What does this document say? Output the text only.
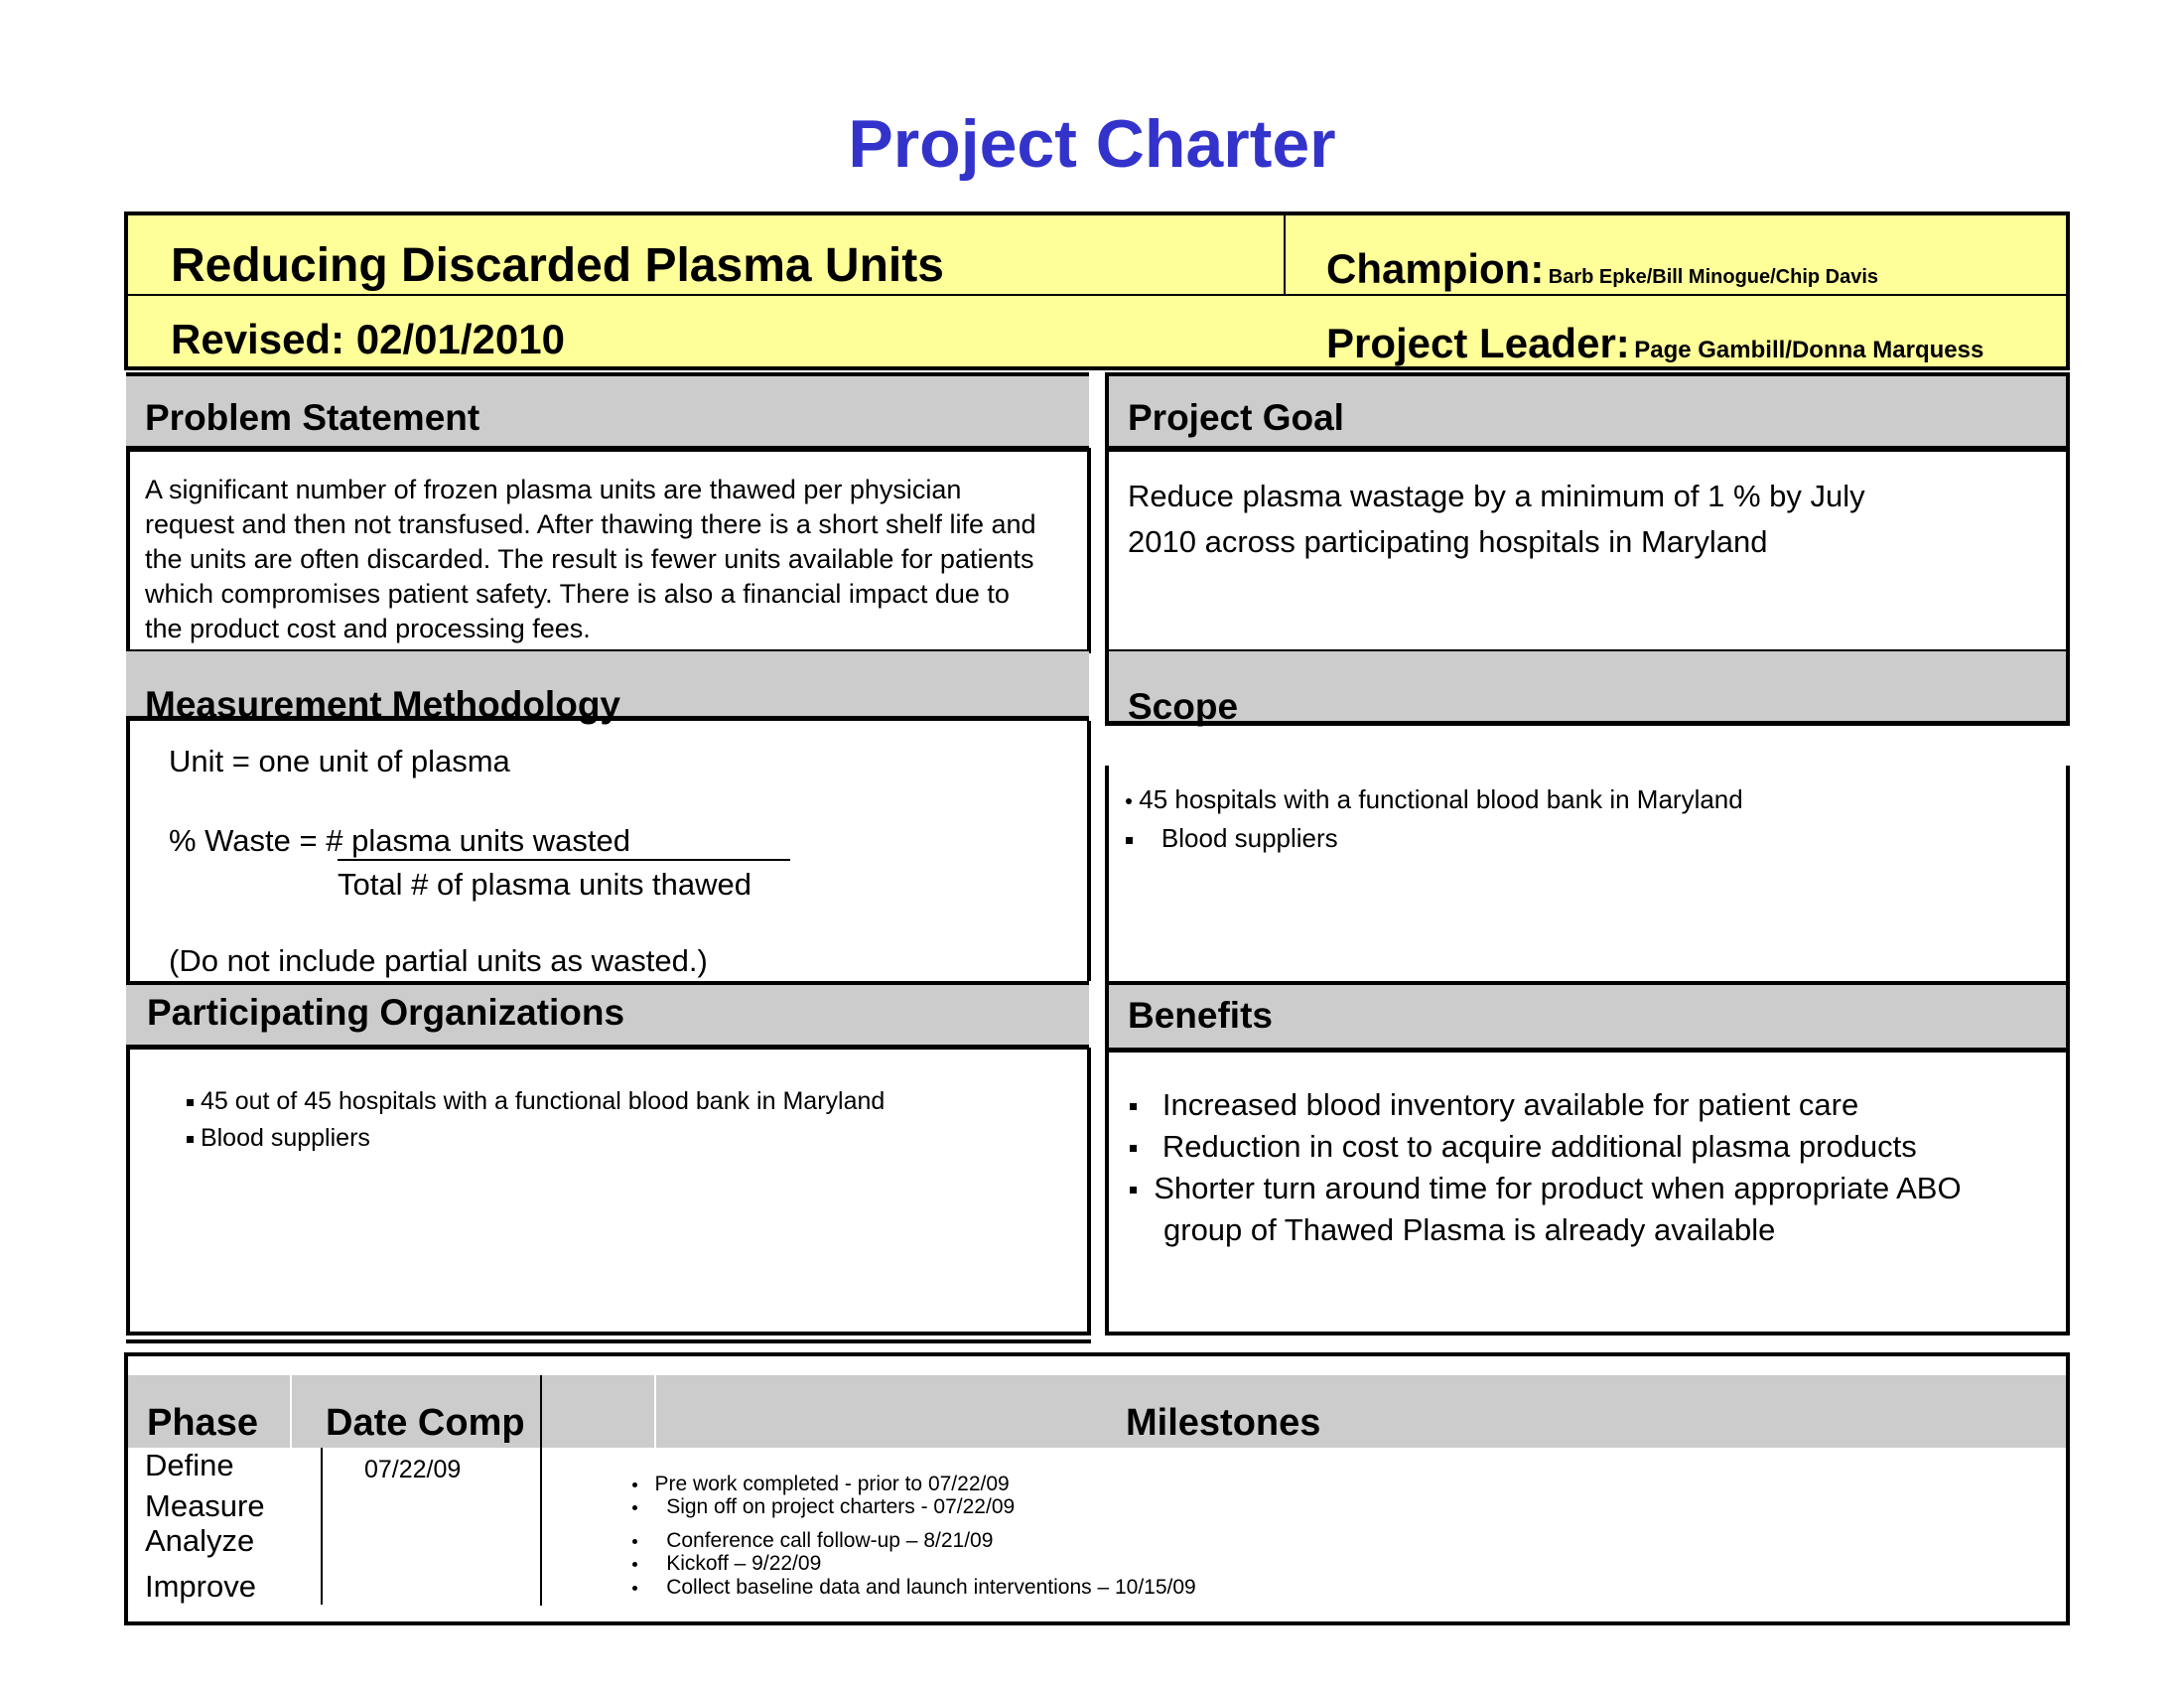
Project Charter
Reducing Discarded Plasma Units
Revised: 02/01/2010
Champion: Barb Epke/Bill Minogue/Chip Davis
Project Leader: Page Gambill/Donna Marquess
Problem Statement
A significant number of frozen plasma units are thawed per physician
request and then not transfused. After thawing there is a short shelf life and
the units are often discarded. The result is fewer units available for patients
which compromises patient safety. There is also a financial impact due to
the product cost and processing fees.
Measurement Methodology
Unit = one unit of plasma
% Waste = # plasma units wasted
Total # of plasma units thawed
(Do not include partial units as wasted.)
Participating Organizations
45 out of 45 hospitals with a functional blood bank in Maryland
Blood suppliers
Project Goal
Reduce plasma wastage by a minimum of 1 % by July
2010 across participating hospitals in Maryland
Scope
45 hospitals with a functional blood bank in Maryland
Blood suppliers
Benefits
Increased blood inventory available for patient care
Reduction in cost to acquire additional plasma products
Shorter turn around time for product when appropriate ABO
group of Thawed Plasma is already available
Phase Date Comp	Milestones
Define
Measure
Analyze
Improve
07/22/09
Pre work completed - prior to 07/22/09
Sign off on project charters - 07/22/09
Conference call follow-up – 8/21/09
Kickoff – 9/22/09
Collect baseline data and launch interventions – 10/15/09
